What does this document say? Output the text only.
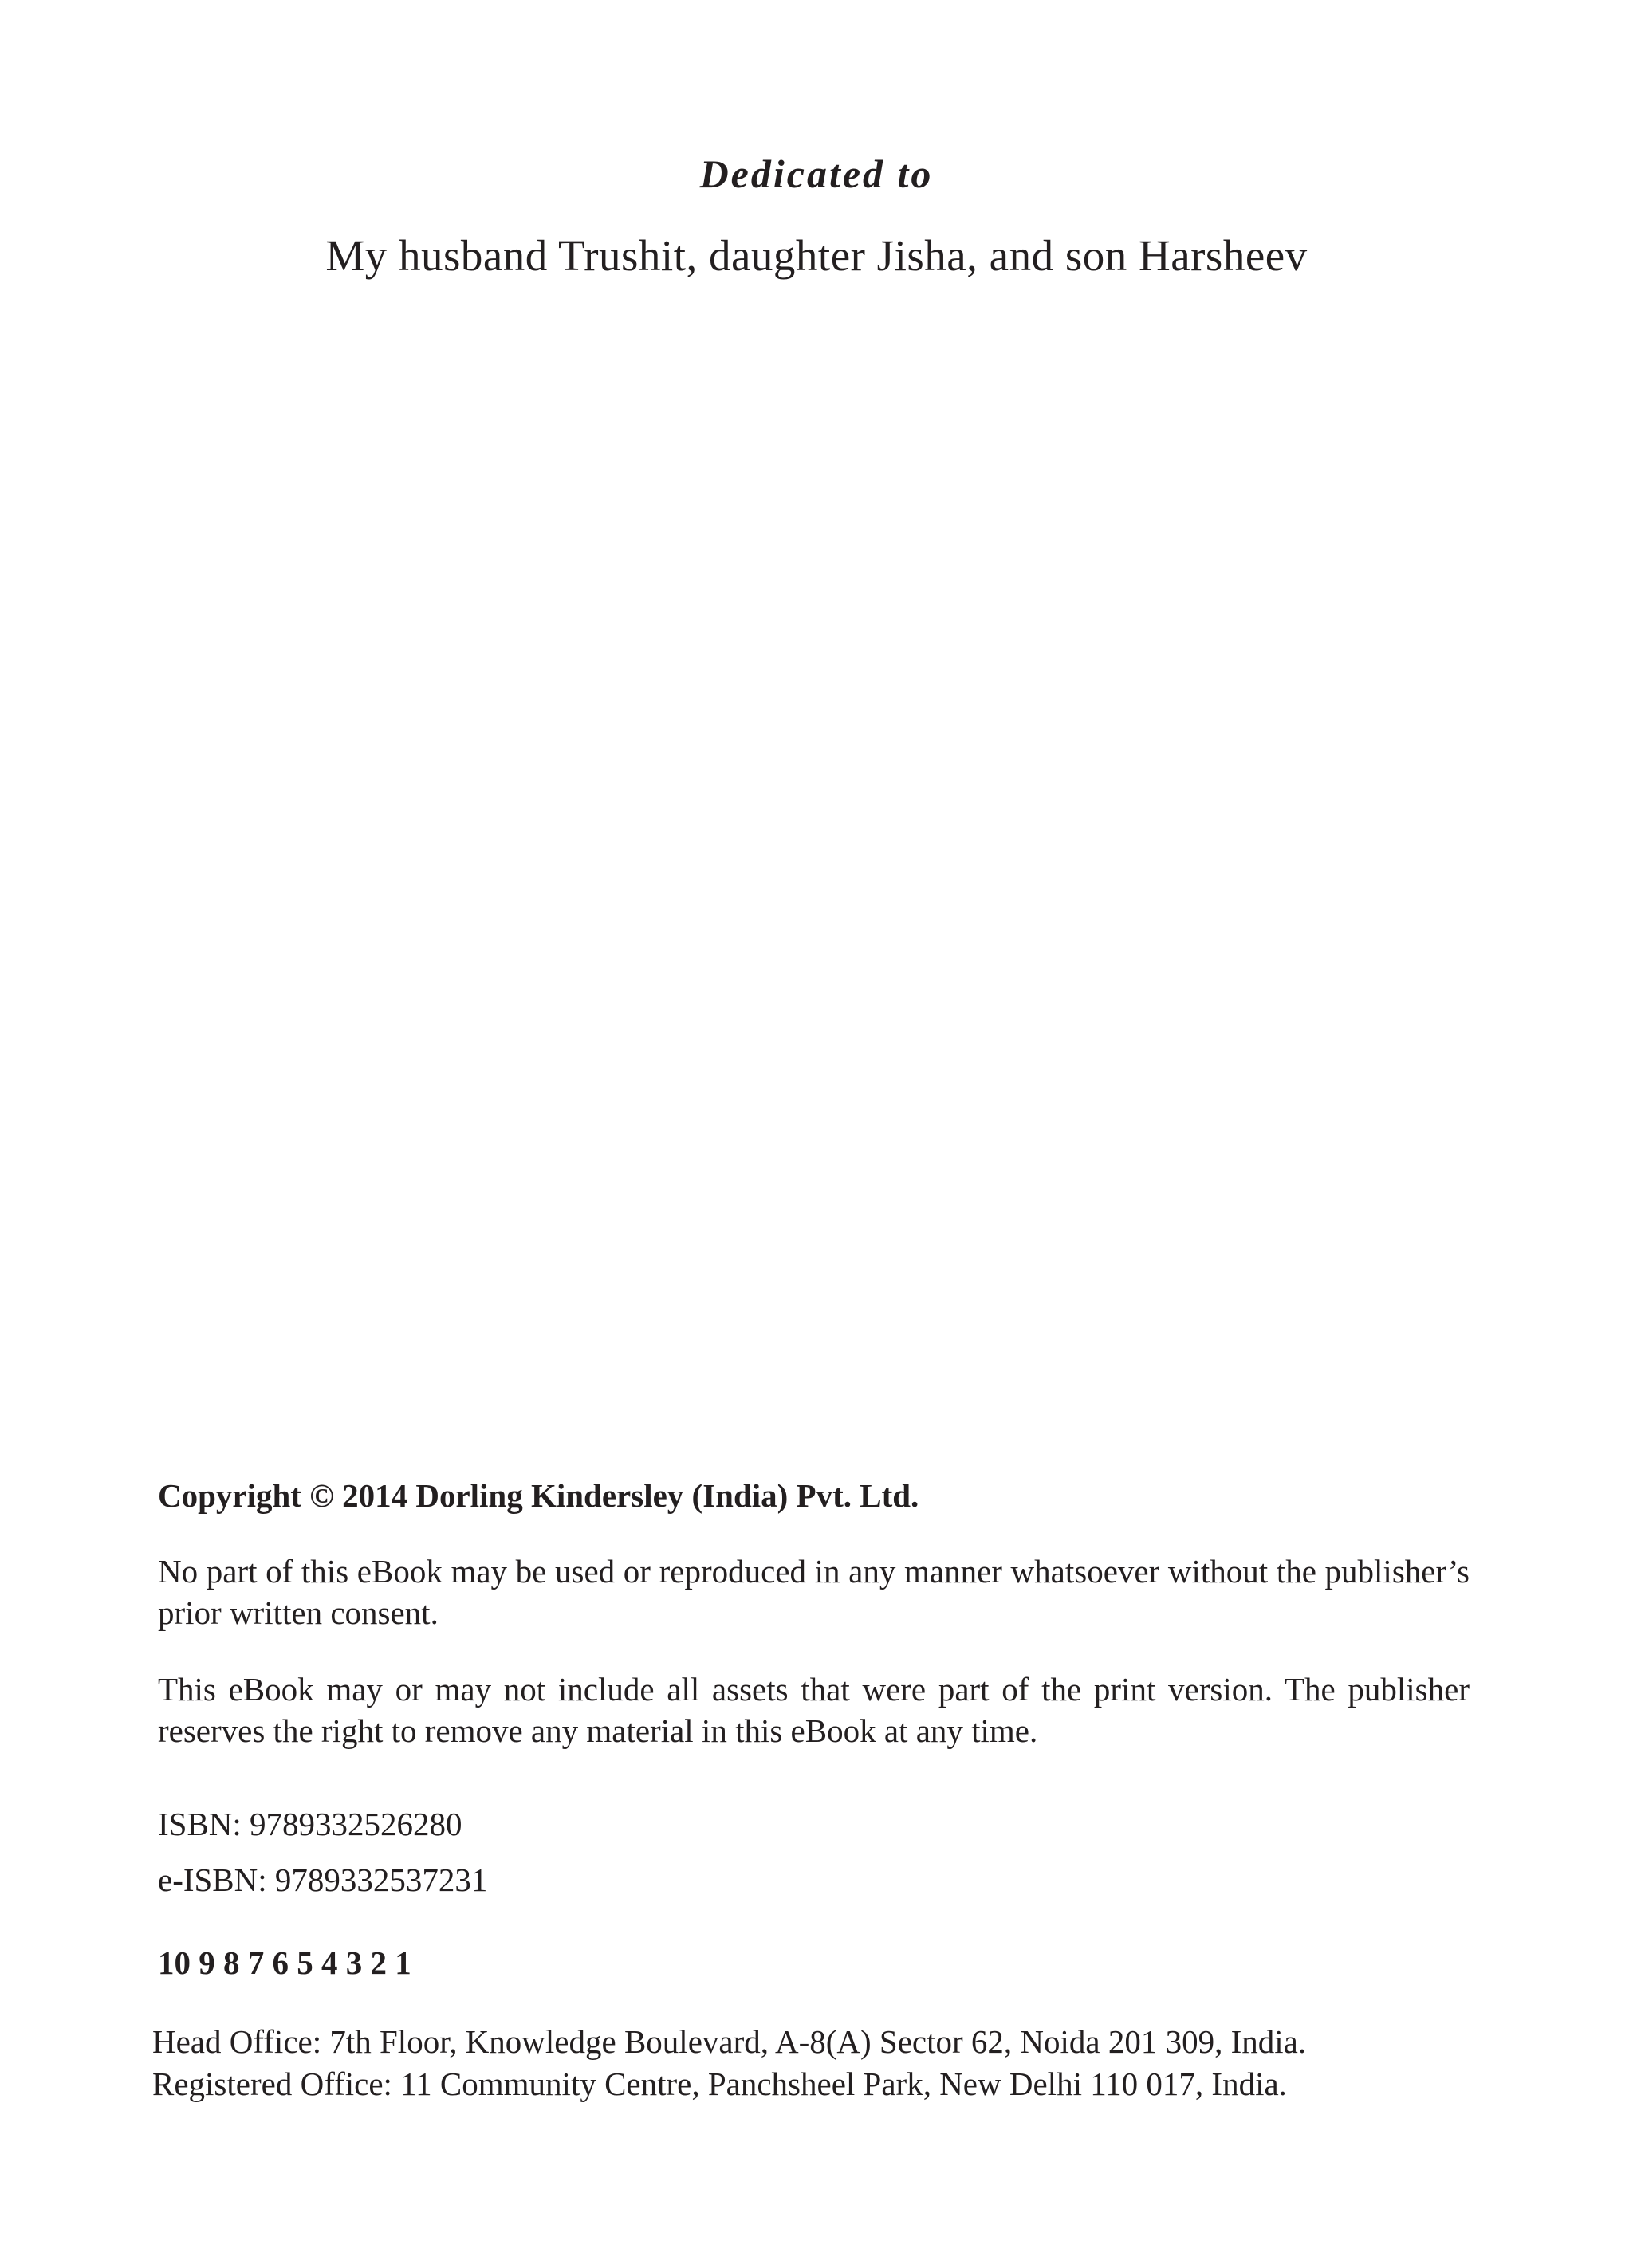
Dedicated to
My husband Trushit, daughter Jisha, and son Harsheev
Copyright © 2014 Dorling Kindersley (India) Pvt. Ltd.
No part of this eBook may be used or reproduced in any manner whatsoever without the publisher’s prior written consent.
This eBook may or may not include all assets that were part of the print version. The publisher reserves the right to remove any material in this eBook at any time.
ISBN: 9789332526280
e-ISBN: 9789332537231
10 9 8 7 6 5 4 3 2 1
Head Office: 7th Floor, Knowledge Boulevard, A-8(A) Sector 62, Noida 201 309, India.
Registered Office: 11 Community Centre, Panchsheel Park, New Delhi 110 017, India.
